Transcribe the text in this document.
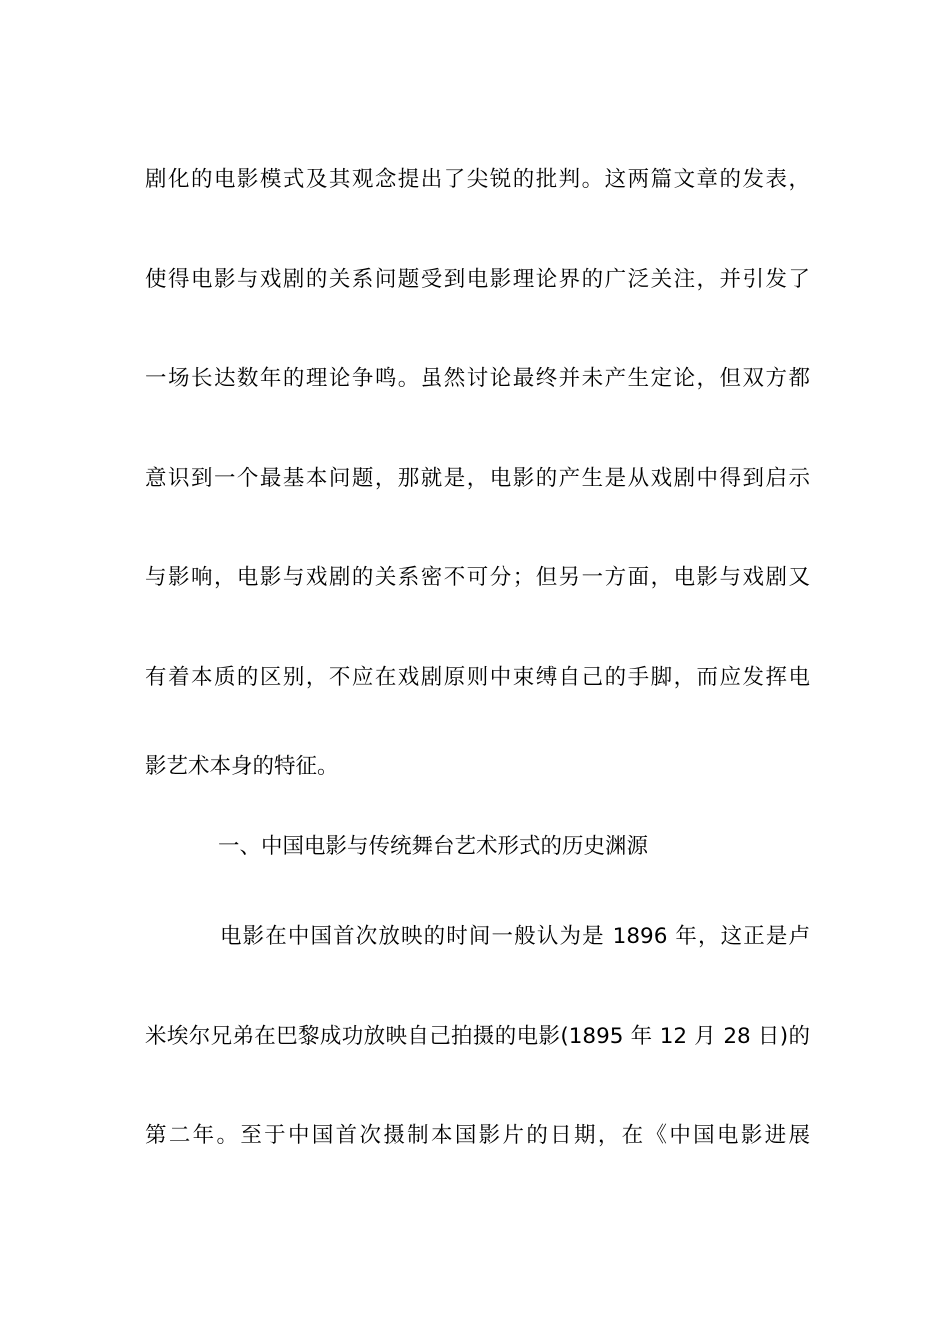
剧化的电影模式及其观念提出了尖锐的批判。这两篇文章的发表，
使得电影与戏剧的关系问题受到电影理论界的广泛关注，并引发了
一场长达数年的理论争鸣。虽然讨论最终并未产生定论，但双方都
意识到一个最基本问题，那就是，电影的产生是从戏剧中得到启示
与影响，电影与戏剧的关系密不可分；但另一方面，电影与戏剧又
有着本质的区别，不应在戏剧原则中束缚自己的手脚，而应发挥电
影艺术本身的特征。
一、中国电影与传统舞台艺术形式的历史渊源
电影在中国首次放映的时间一般认为是 1896 年，这正是卢
米埃尔兄弟在巴黎成功放映自己拍摄的电影(1895 年 12 月 28 日)的
第二年。至于中国首次摄制本国影片的日期，在《中国电影进展
